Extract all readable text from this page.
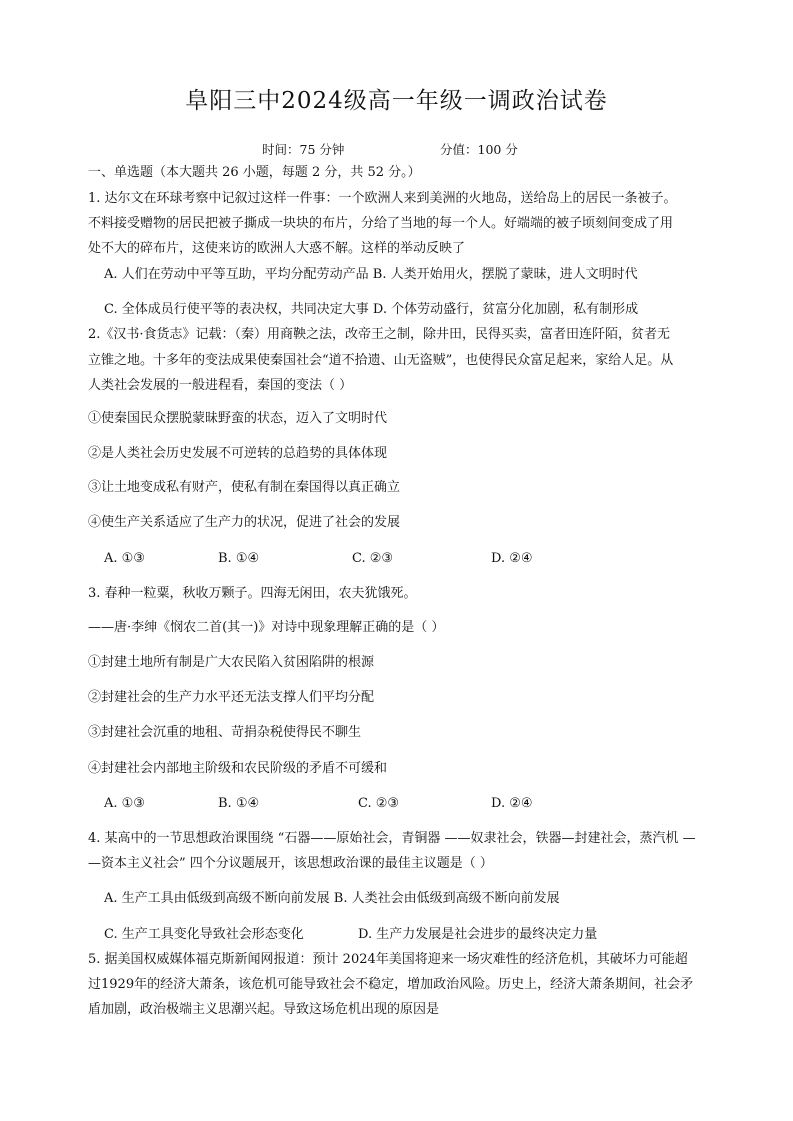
阜阳三中2024级高一年级一调政治试卷
时间：75 分钟	分值：100 分
一、单选题（本大题共 26 小题，每题 2 分，共 52 分。）
1. 达尔文在环球考察中记叙过这样一件事：一个欧洲人来到美洲的火地岛，送给岛上的居民一条被子。
不料接受赠物的居民把被子撕成一块块的布片，分给了当地的每一个人。好端端的被子顷刻间变成了用
处不大的碎布片，这使来访的欧洲人大惑不解。这样的举动反映了
A. 人们在劳动中平等互助，平均分配劳动产品 B. 人类开始用火，摆脱了蒙昧，进人文明时代
C. 全体成员行使平等的表决权，共同决定大事 D. 个体劳动盛行，贫富分化加剧，私有制形成
2.《汉书·食货志》记载：（秦）用商鞅之法，改帝王之制，除井田，民得买卖，富者田连阡陌，贫者无
立锥之地。十多年的变法成果使秦国社会“道不拾遗、山无盗贼”，也使得民众富足起来，家给人足。从
人类社会发展的一般进程看，秦国的变法（ ）
①使秦国民众摆脱蒙昧野蛮的状态，迈入了文明时代
②是人类社会历史发展不可逆转的总趋势的具体体现
③让土地变成私有财产，使私有制在秦国得以真正确立
④使生产关系适应了生产力的状况，促进了社会的发展
A. ①③	B. ①④	C. ②③	D. ②④
3. 春种一粒粟，秋收万颗子。四海无闲田，农夫犹饿死。
——唐·李绅《悯农二首(其一)》对诗中现象理解正确的是（ ）
①封建土地所有制是广大农民陷入贫困陷阱的根源
②封建社会的生产力水平还无法支撑人们平均分配
③封建社会沉重的地租、苛捐杂税使得民不聊生
④封建社会内部地主阶级和农民阶级的矛盾不可缓和
A. ①③	B. ①④	C. ②③	D. ②④
4. 某高中的一节思想政治课围绕 “石器——原始社会，青铜器 ——奴隶社会，铁器—封建社会，蒸汽机 —
—资本主义社会” 四个分议题展开，该思想政治课的最佳主议题是（ ）
A. 生产工具由低级到高级不断向前发展 B. 人类社会由低级到高级不断向前发展
C. 生产工具变化导致社会形态变化	D. 生产力发展是社会进步的最终决定力量
5. 据美国权威媒体福克斯新闻网报道：预计 2024年美国将迎来一场灾难性的经济危机，其破坏力可能超
过1929年的经济大萧条，该危机可能导致社会不稳定，增加政治风险。历史上，经济大萧条期间，社会矛
盾加剧，政治极端主义思潮兴起。导致这场危机出现的原因是
